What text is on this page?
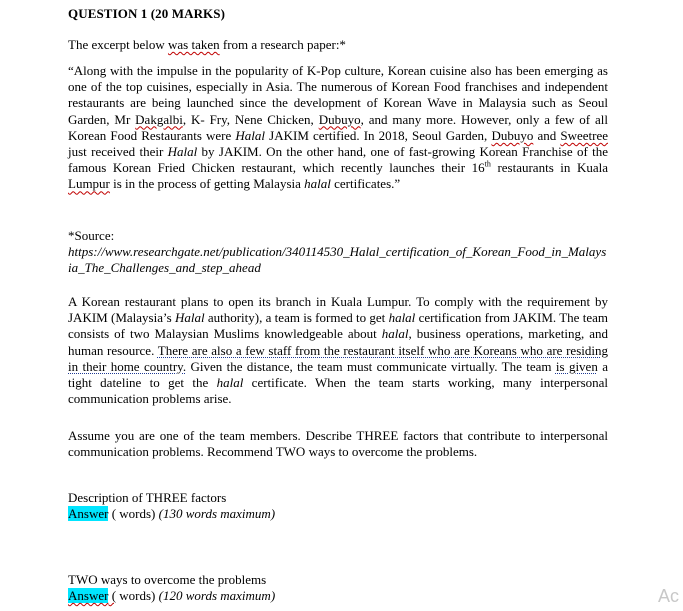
QUESTION 1 (20 MARKS)
The excerpt below was taken from a research paper:*
“Along with the impulse in the popularity of K-Pop culture, Korean cuisine also has been emerging as one of the top cuisines, especially in Asia. The numerous of Korean Food franchises and independent restaurants are being launched since the development of Korean Wave in Malaysia such as Seoul Garden, Mr Dakgalbi, K- Fry, Nene Chicken, Dubuyo, and many more. However, only a few of all Korean Food Restaurants were Halal JAKIM certified. In 2018, Seoul Garden, Dubuyo and Sweetree just received their Halal by JAKIM. On the other hand, one of fast-growing Korean Franchise of the famous Korean Fried Chicken restaurant, which recently launches their 16th restaurants in Kuala Lumpur is in the process of getting Malaysia halal certificates.”
*Source:
https://www.researchgate.net/publication/340114530_Halal_certification_of_Korean_Food_in_Malaysia_The_Challenges_and_step_ahead
A Korean restaurant plans to open its branch in Kuala Lumpur. To comply with the requirement by JAKIM (Malaysia’s Halal authority), a team is formed to get halal certification from JAKIM. The team consists of two Malaysian Muslims knowledgeable about halal, business operations, marketing, and human resource. There are also a few staff from the restaurant itself who are Koreans who are residing in their home country. Given the distance, the team must communicate virtually. The team is given a tight dateline to get the halal certificate. When the team starts working, many interpersonal communication problems arise.
Assume you are one of the team members. Describe THREE factors that contribute to interpersonal communication problems. Recommend TWO ways to overcome the problems.
Description of THREE factors
Answer ( words) (130 words maximum)
TWO ways to overcome the problems
Answer ( words) (120 words maximum)	Ac
